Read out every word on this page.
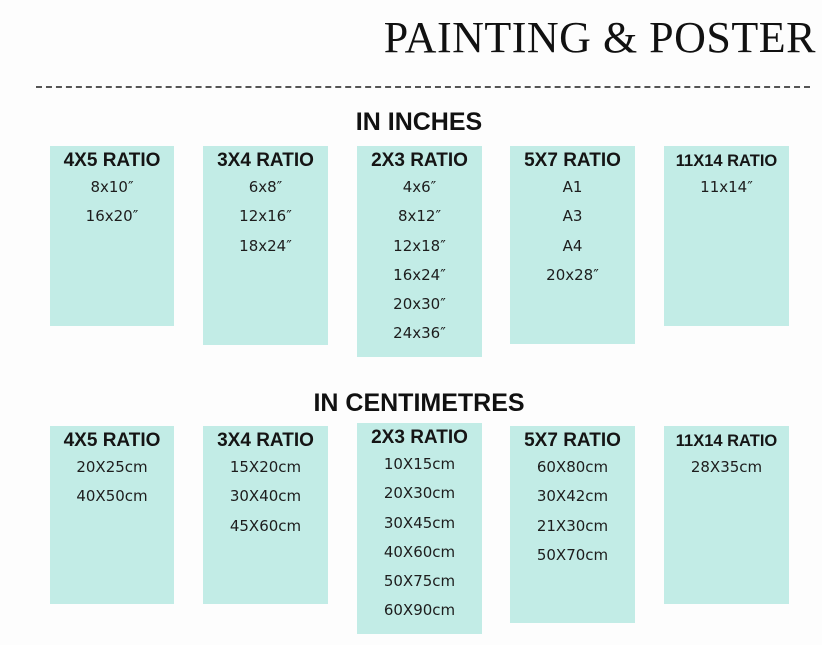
PAINTING & POSTER
IN INCHES
IN CENTIMETRES
4X5 RATIO
8x10″
16x20″
3X4 RATIO
6x8″
12x16″
18x24″
2X3 RATIO
4x6″
8x12″
12x18″
16x24″
20x30″
24x36″
5X7 RATIO
A1
A3
A4
20x28″
11X14 RATIO
11x14″
4X5 RATIO
20X25cm
40X50cm
3X4 RATIO
15X20cm
30X40cm
45X60cm
2X3 RATIO
10X15cm
20X30cm
30X45cm
40X60cm
50X75cm
60X90cm
5X7 RATIO
60X80cm
30X42cm
21X30cm
50X70cm
11X14 RATIO
28X35cm
